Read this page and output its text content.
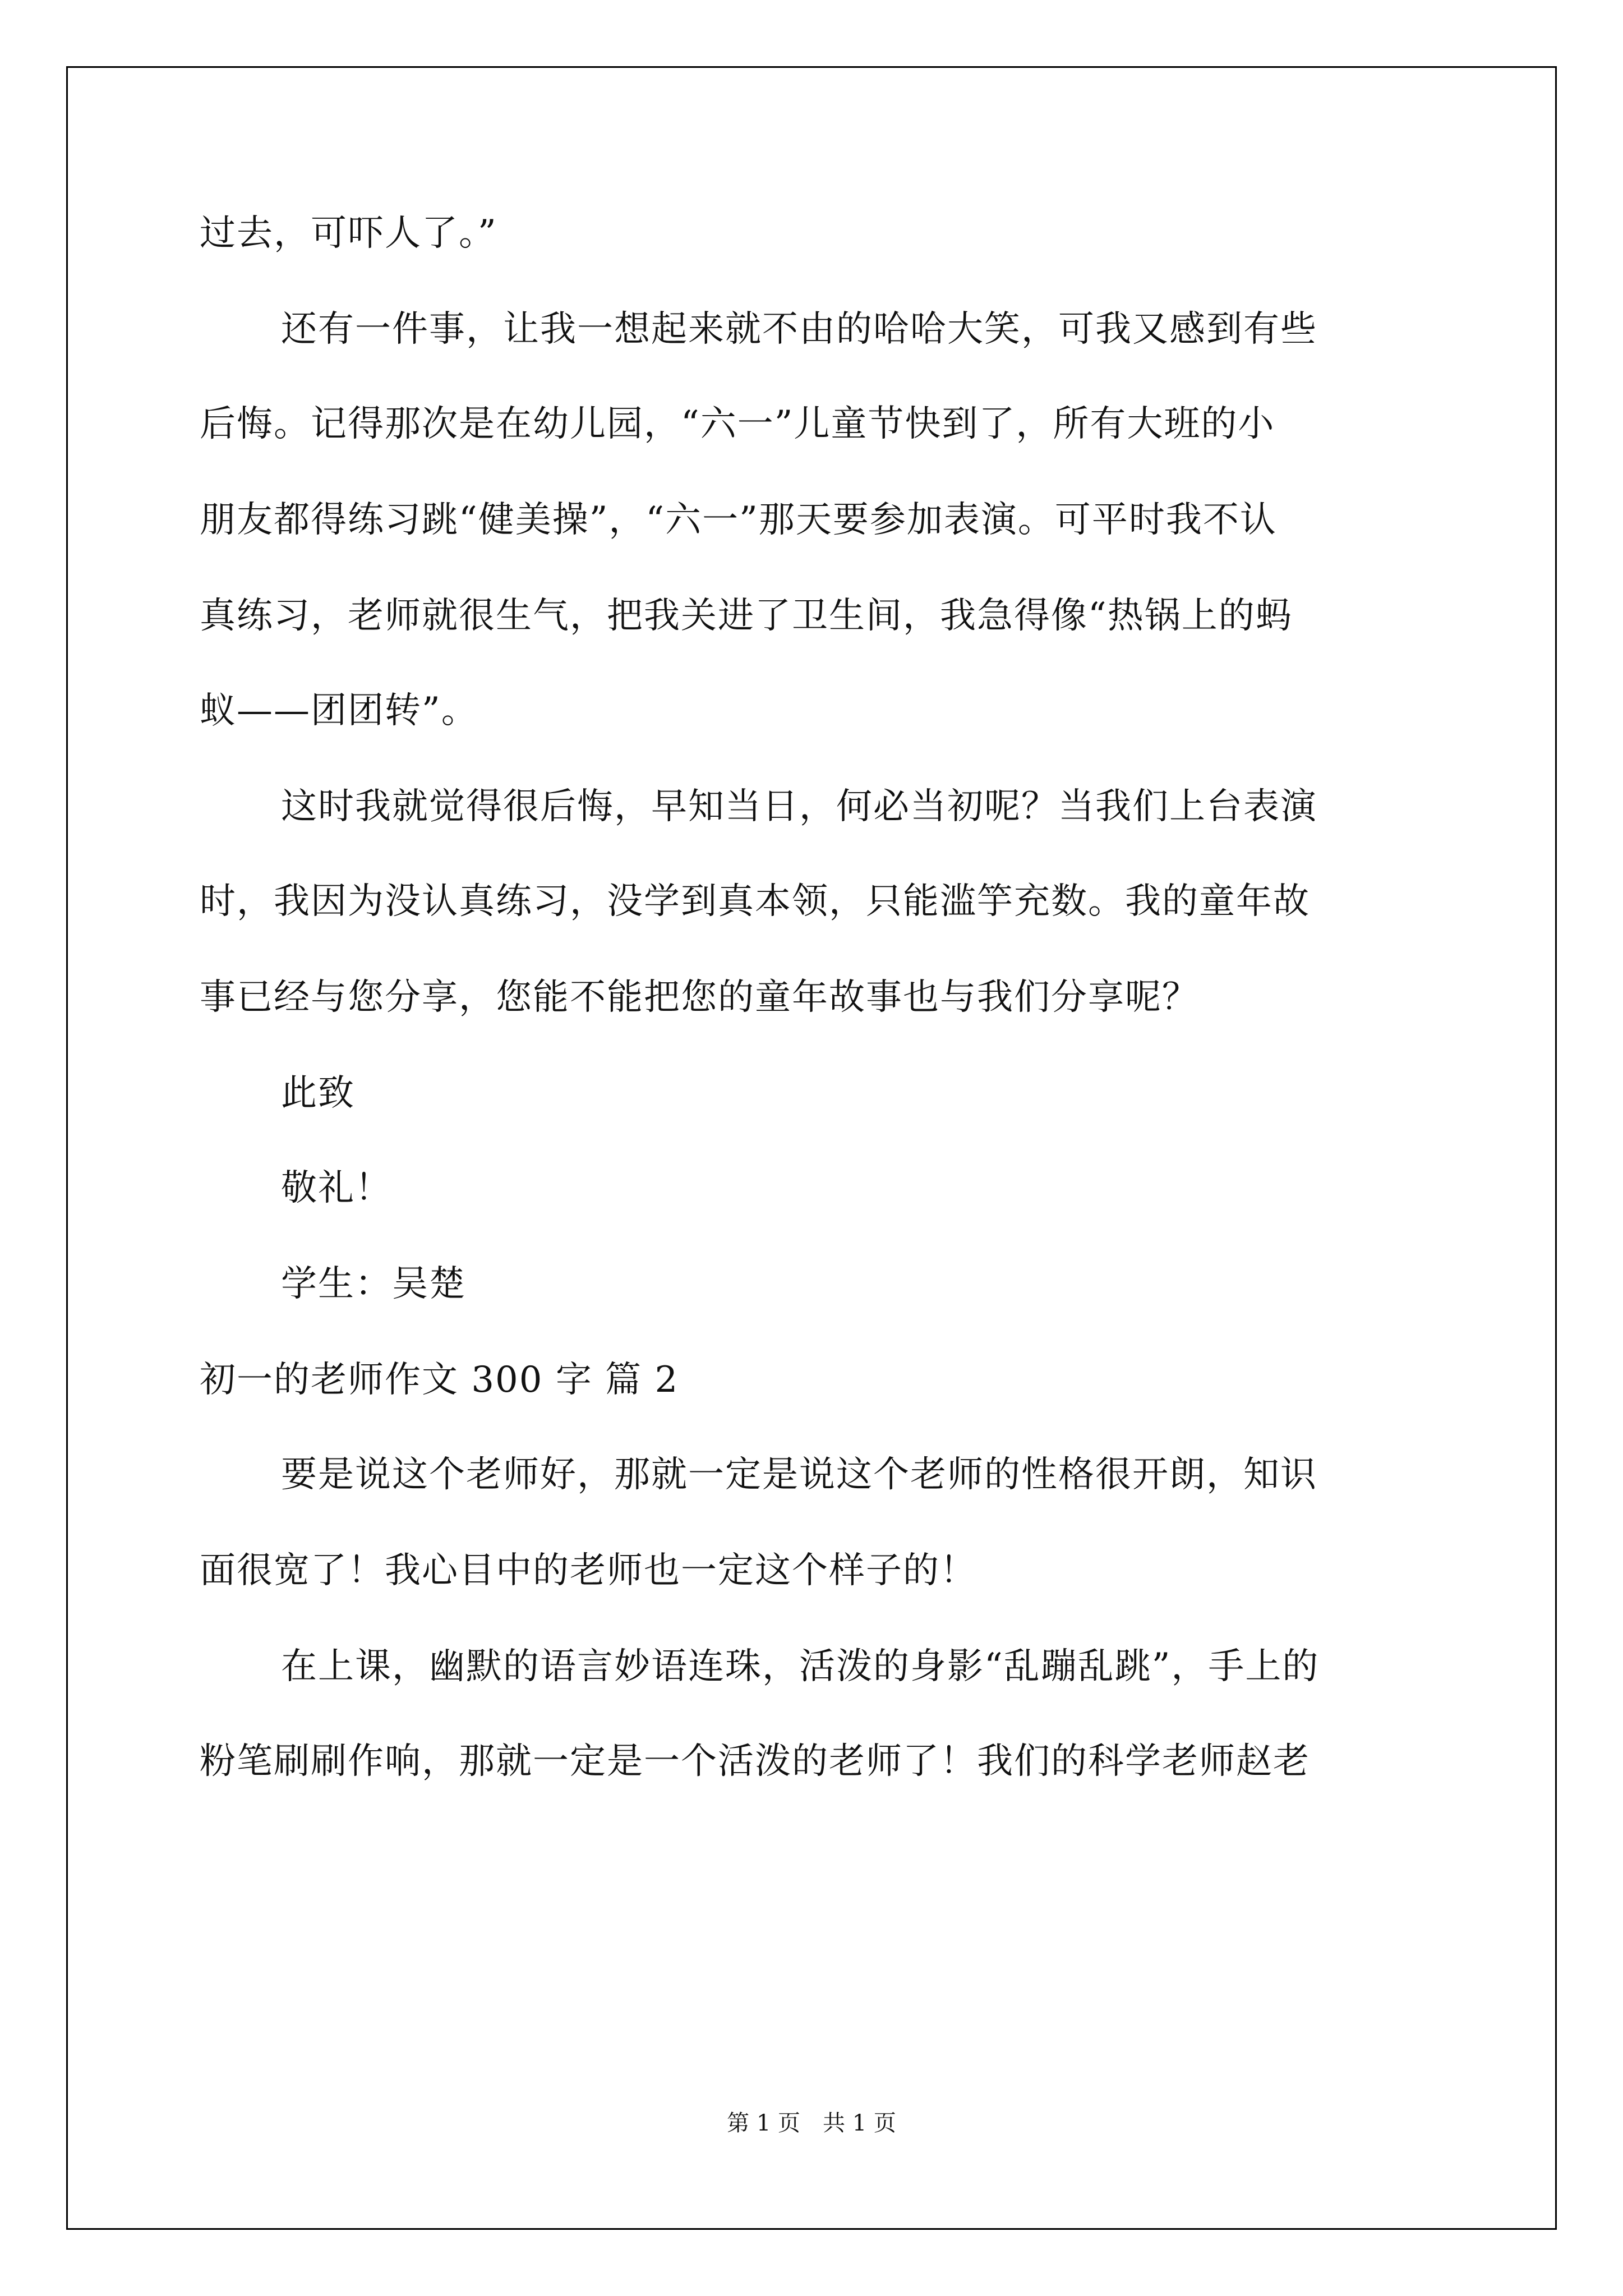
过去，可吓人了。”
还有一件事，让我一想起来就不由的哈哈大笑，可我又感到有些
后悔。记得那次是在幼儿园，“六一”儿童节快到了，所有大班的小
朋友都得练习跳“健美操”，“六一”那天要参加表演。可平时我不认
真练习，老师就很生气，把我关进了卫生间，我急得像“热锅上的蚂
蚁——团团转”。
这时我就觉得很后悔，早知当日，何必当初呢？当我们上台表演
时，我因为没认真练习，没学到真本领，只能滥竽充数。我的童年故
事已经与您分享，您能不能把您的童年故事也与我们分享呢？
此致
敬礼！
学生：吴楚
初一的老师作文 300 字 篇 2
要是说这个老师好，那就一定是说这个老师的性格很开朗，知识
面很宽了！我心目中的老师也一定这个样子的！
在上课，幽默的语言妙语连珠，活泼的身影“乱蹦乱跳”，手上的
粉笔刷刷作响，那就一定是一个活泼的老师了！我们的科学老师赵老
第 1 页　共 1 页
